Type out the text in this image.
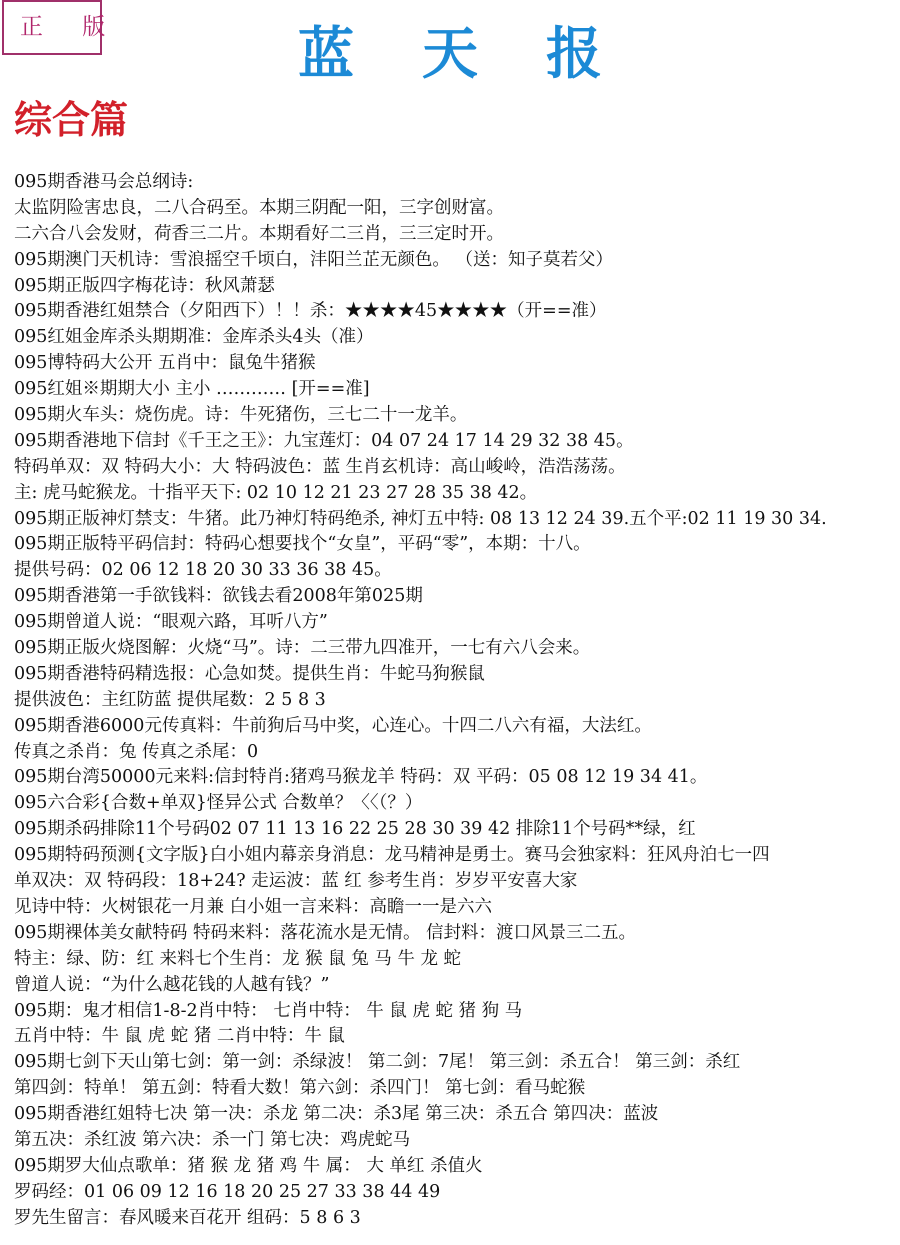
正 版	蓝天报
综合篇
095期香港马会总纲诗:
太监阴险害忠良，二八合码至。本期三阴配一阳，三字创财富。
二六合八会发财，荷香三二片。本期看好二三肖，三三定时开。
095期澳门天机诗：雪浪摇空千顷白，沣阳兰芷无颜色。 （送：知子莫若父）
095期正版四字梅花诗：秋风萧瑟
095期香港红姐禁合（夕阳西下）！！杀：★★★★45★★★★（开==准）
095红姐金库杀头期期准：金库杀头4头（准）
095博特码大公开 五肖中：鼠兔牛猪猴
095红姐※期期大小 主小 ………… [开==准]
095期火车头：烧伤虎。诗：牛死猪伤，三七二十一龙羊。
095期香港地下信封《千王之王》：九宝莲灯：04 07 24 17 14 29 32 38 45。
特码单双：双 特码大小：大 特码波色：蓝 生肖玄机诗：高山峻岭，浩浩荡荡。
主: 虎马蛇猴龙。十指平天下: 02 10 12 21 23 27 28 35 38 42。
095期正版神灯禁支：牛猪。此乃神灯特码绝杀, 神灯五中特: 08 13 12 24 39.五个平:02 11 19 30 34.
095期正版特平码信封：特码心想要找个“女皇”，平码“零”，本期：十八。
提供号码：02 06 12 18 20 30 33 36 38 45。
095期香港第一手欲钱料：欲钱去看2008年第025期
095期曾道人说：“眼观六路，耳听八方”
095期正版火烧图解：火烧“马”。诗：二三带九四准开，一七有六八会来。
095期香港特码精选报：心急如焚。提供生肖：牛蛇马狗猴鼠
提供波色：主红防蓝 提供尾数：2 5 8 3
095期香港6000元传真料：牛前狗后马中奖，心连心。十四二八六有福，大法红。
传真之杀肖：兔 传真之杀尾：0
095期台湾50000元来料:信封特肖:猪鸡马猴龙羊 特码：双 平码：05 08 12 19 34 41。
095六合彩{合数+单双}怪异公式 合数单？〈〈（？）
095期杀码排除11个号码02 07 11 13 16 22 25 28 30 39 42 排除11个号码**绿，红
095期特码预测{文字版}白小姐内幕亲身消息：龙马精神是勇士。赛马会独家料：狂风舟泊七一四
单双决：双 特码段：18+24? 走运波：蓝 红 参考生肖：岁岁平安喜大家
见诗中特：火树银花一月兼 白小姐一言来料：高瞻一一是六六
095期裸体美女献特码 特码来料：落花流水是无情。 信封料：渡口风景三二五。
特主：绿、防：红 来料七个生肖：龙 猴 鼠 兔 马 牛 龙 蛇
曾道人说：“为什么越花钱的人越有钱？”
095期：鬼才相信1-8-2肖中特： 七肖中特： 牛 鼠 虎 蛇 猪 狗 马
五肖中特：牛 鼠 虎 蛇 猪 二肖中特：牛 鼠
095期七剑下天山第七剑：第一剑：杀绿波！ 第二剑：7尾！ 第三剑：杀五合！ 第三剑：杀红
第四剑：特单！ 第五剑：特看大数！第六剑：杀四门！ 第七剑：看马蛇猴
095期香港红姐特七决 第一决：杀龙 第二决：杀3尾 第三决：杀五合 第四决：蓝波
第五决：杀红波 第六决：杀一门 第七决：鸡虎蛇马
095期罗大仙点歌单：猪 猴 龙 猪 鸡 牛 属： 大 单红 杀值火
罗码经：01 06 09 12 16 18 20 25 27 33 38 44 49
罗先生留言：春风暖来百花开 组码：5 8 6 3
